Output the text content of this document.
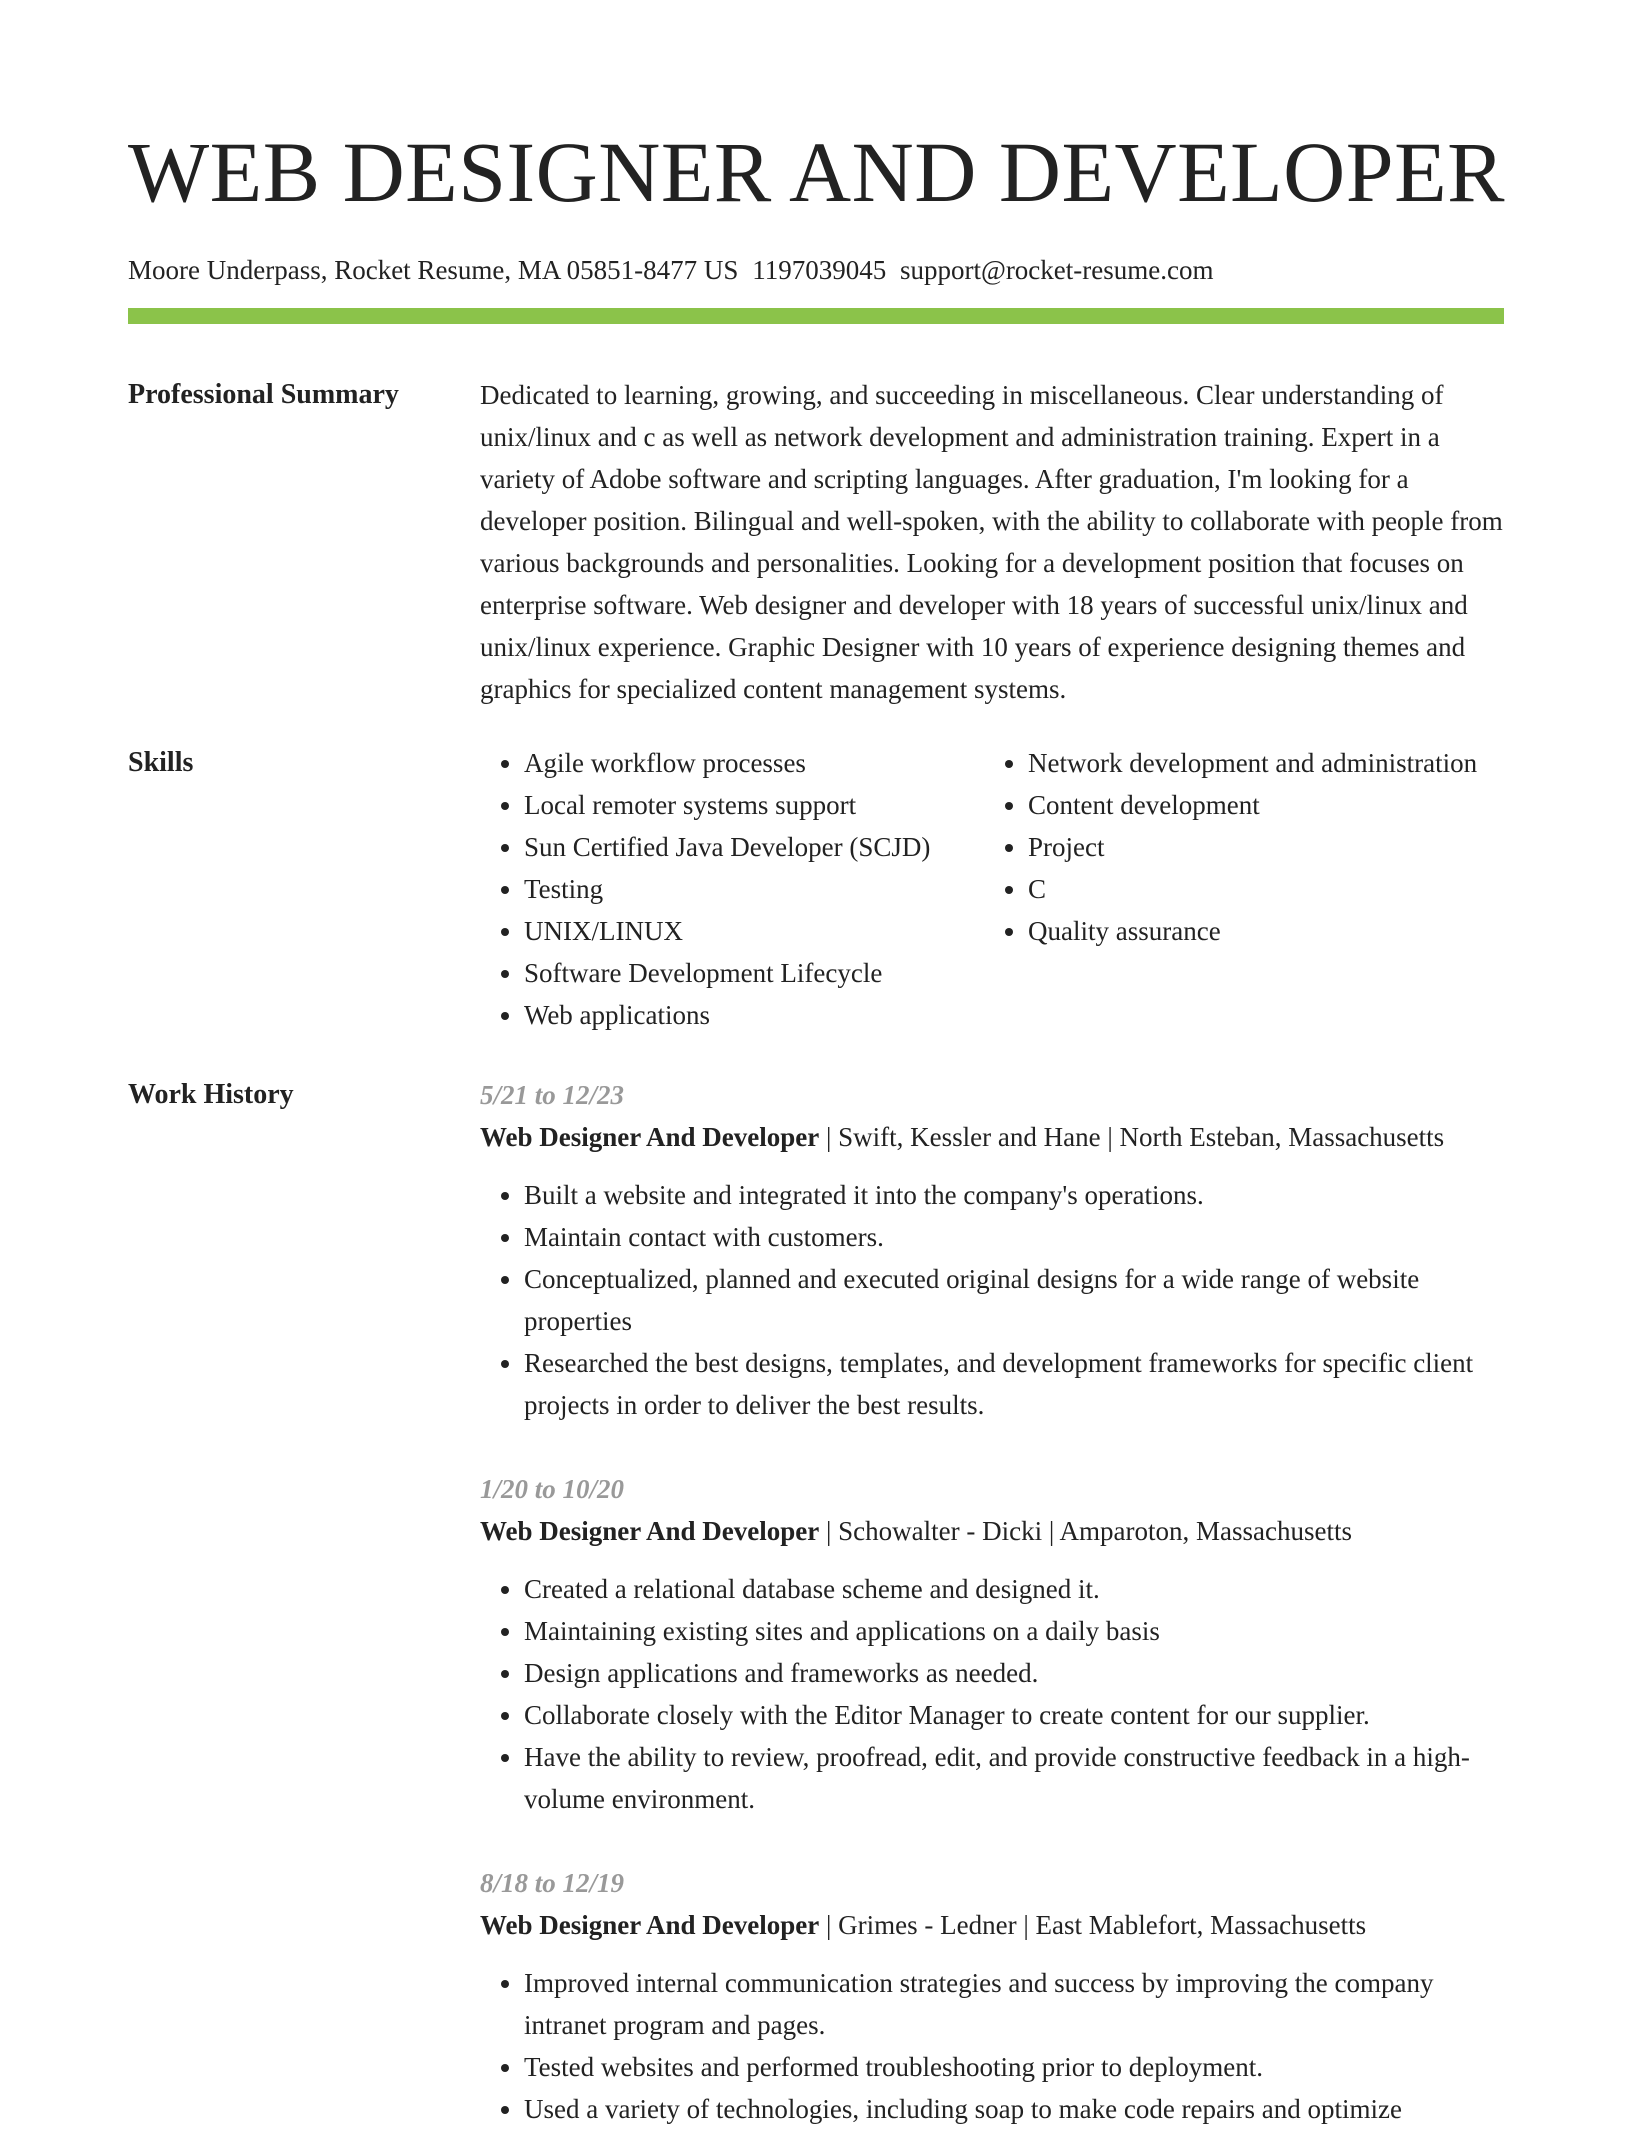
WEB DESIGNER AND DEVELOPER
Moore Underpass, Rocket Resume, MA 05851-8477 US 1197039045 support@rocket-resume.com
Professional Summary	Dedicated to learning, growing, and succeeding in miscellaneous. Clear understanding of unix/linux and c as well as network development and administration training. Expert in a variety of Adobe software and scripting languages. After graduation, I'm looking for a developer position. Bilingual and well-spoken, with the ability to collaborate with people from various backgrounds and personalities. Looking for a development position that focuses on enterprise software. Web designer and developer with 18 years of successful unix/linux and unix/linux experience. Graphic Designer with 10 years of experience designing themes and graphics for specialized content management systems.

Skills
•	Agile workflow processes
• Local remoter systems support
• Sun Certified Java Developer (SCJD)
• Testing
• UNIX/LINUX
• Software Development Lifecycle
• Web applications
• Network development and administration
• Content development
• Project
• C
• Quality assurance
Work History	5/21 to 12/23
Web Designer And Developer | Swift, Kessler and Hane | North Esteban, Massachusetts
• Built a website and integrated it into the company's operations.
• Maintain contact with customers.
• Conceptualized, planned and executed original designs for a wide range of website properties
• Researched the best designs, templates, and development frameworks for specific client projects in order to deliver the best results.
1/20 to 10/20
Web Designer And Developer | Schowalter - Dicki | Amparoton, Massachusetts
• Created a relational database scheme and designed it.
• Maintaining existing sites and applications on a daily basis
• Design applications and frameworks as needed.
• Collaborate closely with the Editor Manager to create content for our supplier.
• Have the ability to review, proofread, edit, and provide constructive feedback in a high-volume environment.
8/18 to 12/19
Web Designer And Developer | Grimes - Ledner | East Mablefort, Massachusetts
• Improved internal communication strategies and success by improving the company intranet program and pages.
• Tested websites and performed troubleshooting prior to deployment.
• Used a variety of technologies, including soap to make code repairs and optimize
